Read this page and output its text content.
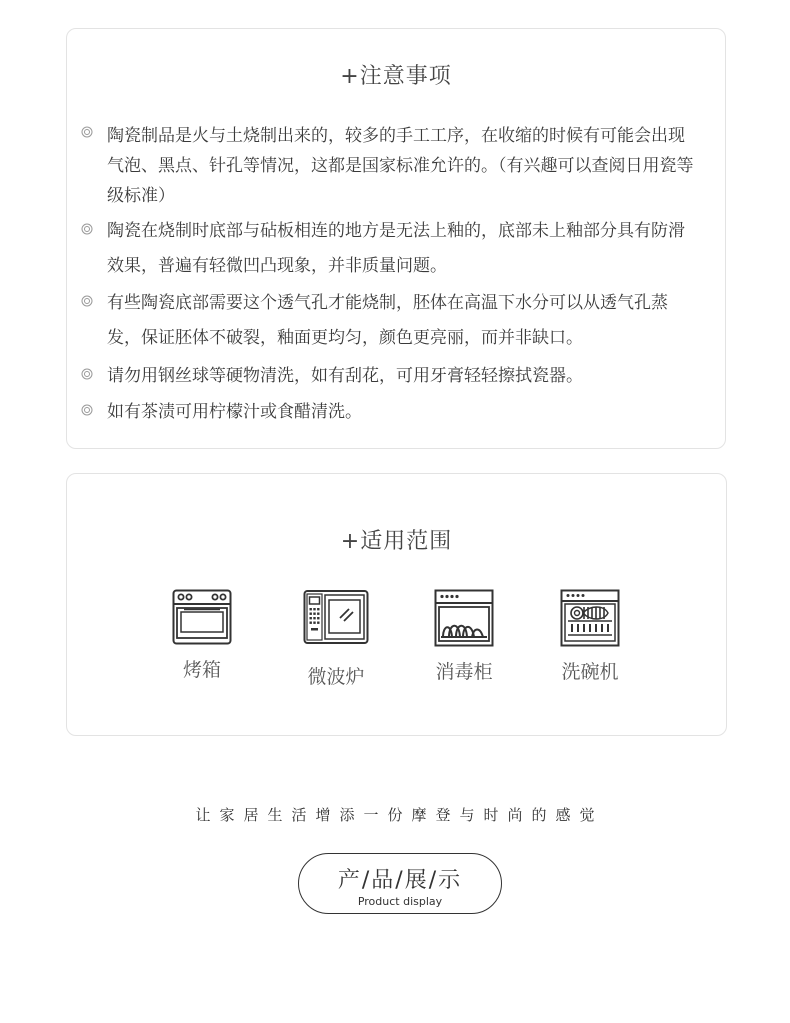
+注意事项
陶瓷制品是火与土烧制出来的，较多的手工工序，在收缩的时候有可能会出现气泡、黑点、针孔等情况，这都是国家标准允许的。（有兴趣可以查阅日用瓷等级标准）
陶瓷在烧制时底部与砧板相连的地方是无法上釉的，底部未上釉部分具有防滑效果，普遍有轻微凹凸现象，并非质量问题。
有些陶瓷底部需要这个透气孔才能烧制，胚体在高温下水分可以从透气孔蒸发，保证胚体不破裂，釉面更均匀，颜色更亮丽，而并非缺口。
请勿用钢丝球等硬物清洗，如有刮花，可用牙膏轻轻擦拭瓷器。
如有茶渍可用柠檬汁或食醋清洗。
+适用范围
烤箱	微波炉	消毒柜	洗碗机
让家居生活增添一份摩登与时尚的感觉
产/品/展/示
Product display
